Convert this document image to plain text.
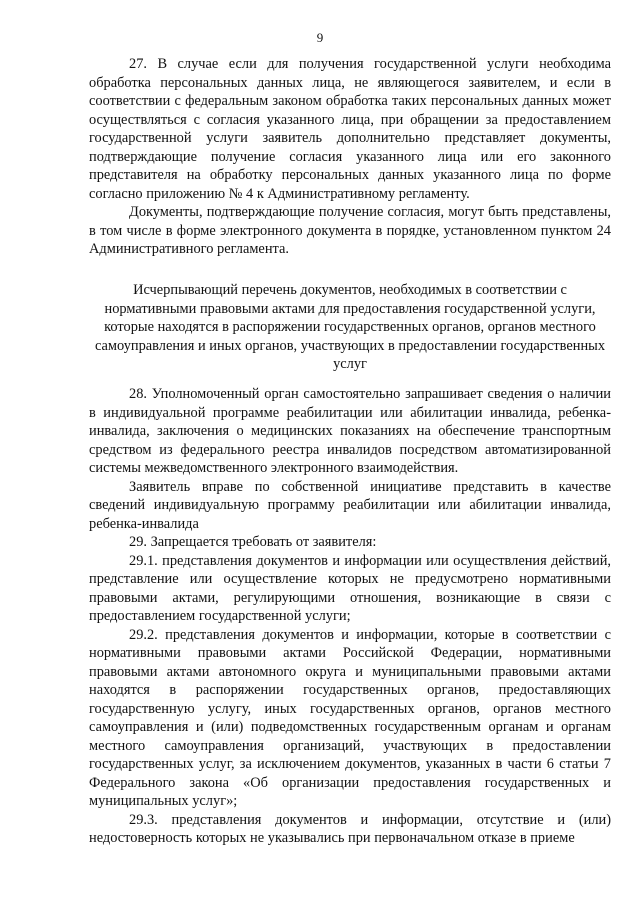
9

27. В случае если для получения государственной услуги необходима обработка персональных данных лица, не являющегося заявителем, и если в соответствии с федеральным законом обработка таких персональных данных может осуществляться с согласия указанного лица, при обращении за предоставлением государственной услуги заявитель дополнительно представляет документы, подтверждающие получение согласия указанного лица или его законного представителя на обработку персональных данных указанного лица по форме согласно приложению № 4 к Административному регламенту.

Документы, подтверждающие получение согласия, могут быть представлены, в том числе в форме электронного документа в порядке, установленном пунктом 24 Административного регламента.

Исчерпывающий перечень документов, необходимых в соответствии с нормативными правовыми актами для предоставления государственной услуги, которые находятся в распоряжении государственных органов, органов местного самоуправления и иных органов, участвующих в предоставлении государственных услуг

28. Уполномоченный орган самостоятельно запрашивает сведения о наличии в индивидуальной программе реабилитации или абилитации инвалида, ребенка-инвалида, заключения о медицинских показаниях на обеспечение транспортным средством из федерального реестра инвалидов посредством автоматизированной системы межведомственного электронного взаимодействия.

Заявитель вправе по собственной инициативе представить в качестве сведений индивидуальную программу реабилитации или абилитации инвалида, ребенка-инвалида

29. Запрещается требовать от заявителя:

29.1. представления документов и информации или осуществления действий, представление или осуществление которых не предусмотрено нормативными правовыми актами, регулирующими отношения, возникающие в связи с предоставлением государственной услуги;

29.2. представления документов и информации, которые в соответствии с нормативными правовыми актами Российской Федерации, нормативными правовыми актами автономного округа и муниципальными правовыми актами находятся в распоряжении государственных органов, предоставляющих государственную услугу, иных государственных органов, органов местного самоуправления и (или) подведомственных государственным органам и органам местного самоуправления организаций, участвующих в предоставлении государственных услуг, за исключением документов, указанных в части 6 статьи 7 Федерального закона «Об организации предоставления государственных и муниципальных услуг»;

29.3. представления документов и информации, отсутствие и (или) недостоверность которых не указывались при первоначальном отказе в приеме
